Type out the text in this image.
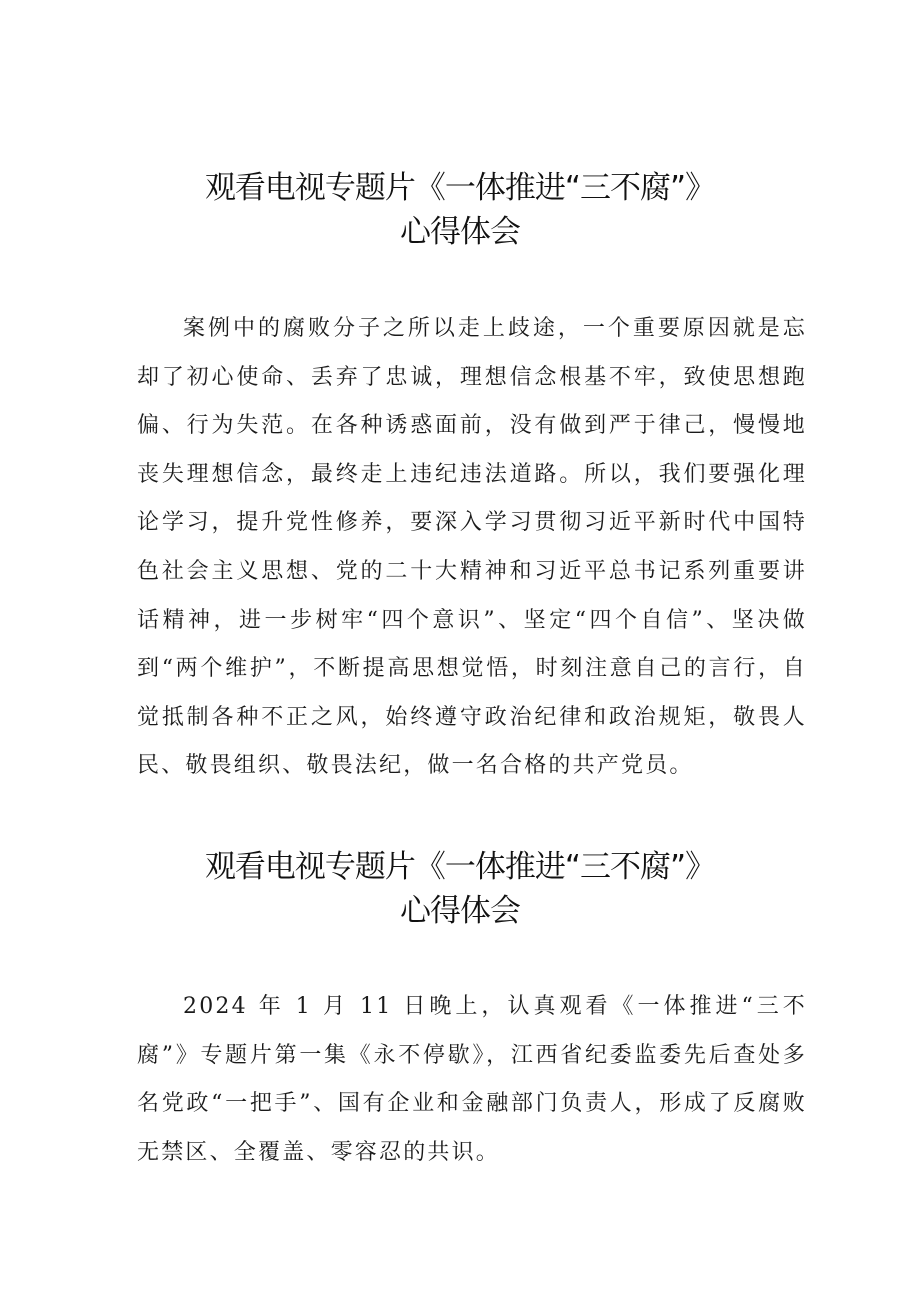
观看电视专题片《一体推进“三不腐”》
心得体会

案例中的腐败分子之所以走上歧途，一个重要原因就是忘却了初心使命、丢弃了忠诚，理想信念根基不牢，致使思想跑偏、行为失范。在各种诱惑面前，没有做到严于律己，慢慢地丧失理想信念，最终走上违纪违法道路。所以，我们要强化理论学习，提升党性修养，要深入学习贯彻习近平新时代中国特色社会主义思想、党的二十大精神和习近平总书记系列重要讲话精神，进一步树牢“四个意识”、坚定“四个自信”、坚决做到“两个维护”，不断提高思想觉悟，时刻注意自己的言行，自觉抵制各种不正之风，始终遵守政治纪律和政治规矩，敬畏人民、敬畏组织、敬畏法纪，做一名合格的共产党员。

观看电视专题片《一体推进“三不腐”》
心得体会

2024 年 1 月 11 日晚上，认真观看《一体推进“三不腐”》专题片第一集《永不停歇》，江西省纪委监委先后查处多名党政“一把手”、国有企业和金融部门负责人，形成了反腐败无禁区、全覆盖、零容忍的共识。
